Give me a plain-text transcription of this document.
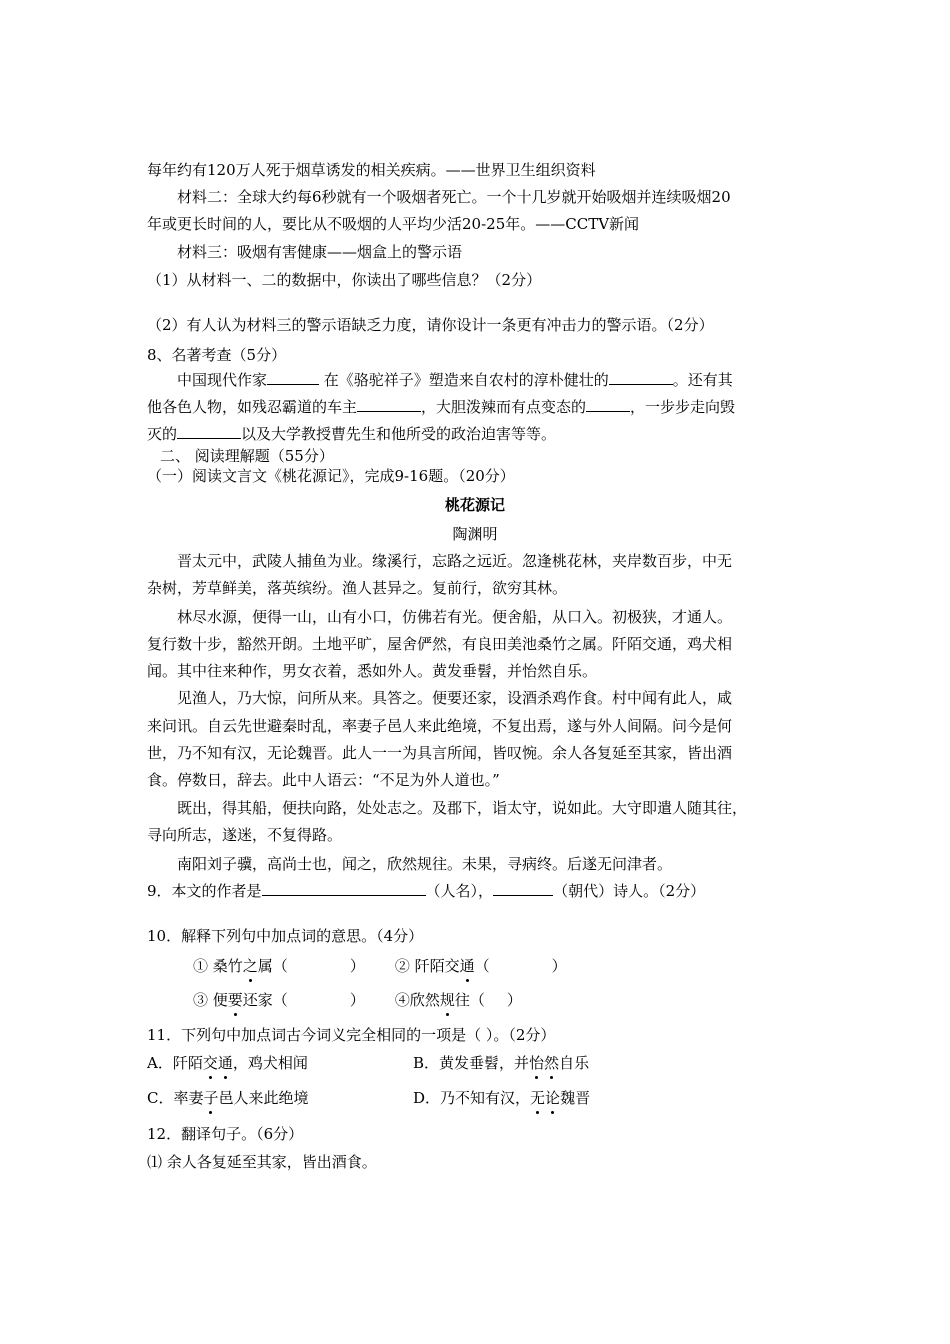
每年约有120万人死于烟草诱发的相关疾病。——世界卫生组织资料
材料二：全球大约每6秒就有一个吸烟者死亡。一个十几岁就开始吸烟并连续吸烟20
年或更长时间的人，要比从不吸烟的人平均少活20-25年。——CCTV新闻
材料三：吸烟有害健康——烟盒上的警示语
（1）从材料一、二的数据中，你读出了哪些信息？（2分）
（2）有人认为材料三的警示语缺乏力度，请你设计一条更有冲击力的警示语。（2分）
8、名著考查（5分）
中国现代作家	在《骆驼祥子》塑造来自农村的淳朴健壮的	。还有其
他各色人物，如残忍霸道的车主	，大胆泼辣而有点变态的	，一步步走向毁
灭的	以及大学教授曹先生和他所受的政治迫害等等。
二、 阅读理解题（55分）
（一）阅读文言文《桃花源记》，完成9-16题。（20分）
桃花源记
陶渊明
晋太元中，武陵人捕鱼为业。缘溪行，忘路之远近。忽逢桃花林，夹岸数百步，中无
杂树，芳草鲜美，落英缤纷。渔人甚异之。复前行，欲穷其林。
林尽水源，便得一山，山有小口，仿佛若有光。便舍船，从口入。初极狭，才通人。
复行数十步，豁然开朗。土地平旷，屋舍俨然，有良田美池桑竹之属。阡陌交通，鸡犬相
闻。其中往来种作，男女衣着，悉如外人。黄发垂髫，并怡然自乐。
见渔人，乃大惊，问所从来。具答之。便要还家，设酒杀鸡作食。村中闻有此人，咸
来问讯。自云先世避秦时乱，率妻子邑人来此绝境，不复出焉，遂与外人间隔。问今是何
世，乃不知有汉，无论魏晋。此人一一为具言所闻，皆叹惋。余人各复延至其家，皆出酒
食。停数日，辞去。此中人语云：“不足为外人道也。”
既出，得其船，便扶向路，处处志之。及郡下，诣太守，说如此。大守即遣人随其往，
寻向所志，遂迷，不复得路。
南阳刘子骥，高尚士也，闻之，欣然规往。未果，寻病终。后遂无问津者。
9．本文的作者是	（人名），	（朝代）诗人。（2分）
10．解释下列句中加点词的意思。（4分）
① 桑竹之属（	） ② 阡陌交通（	）
③ 便要还家（	） ④欣然规往（ ）
11．下列句中加点词古今词义完全相同的一项是（ ）。（2分）
A．阡陌交通，鸡犬相闻	B．黄发垂髫，并怡然自乐
C．率妻子邑人来此绝境	D．乃不知有汉，无论魏晋
12．翻译句子。（6分）
⑴ 余人各复延至其家，皆出酒食。
